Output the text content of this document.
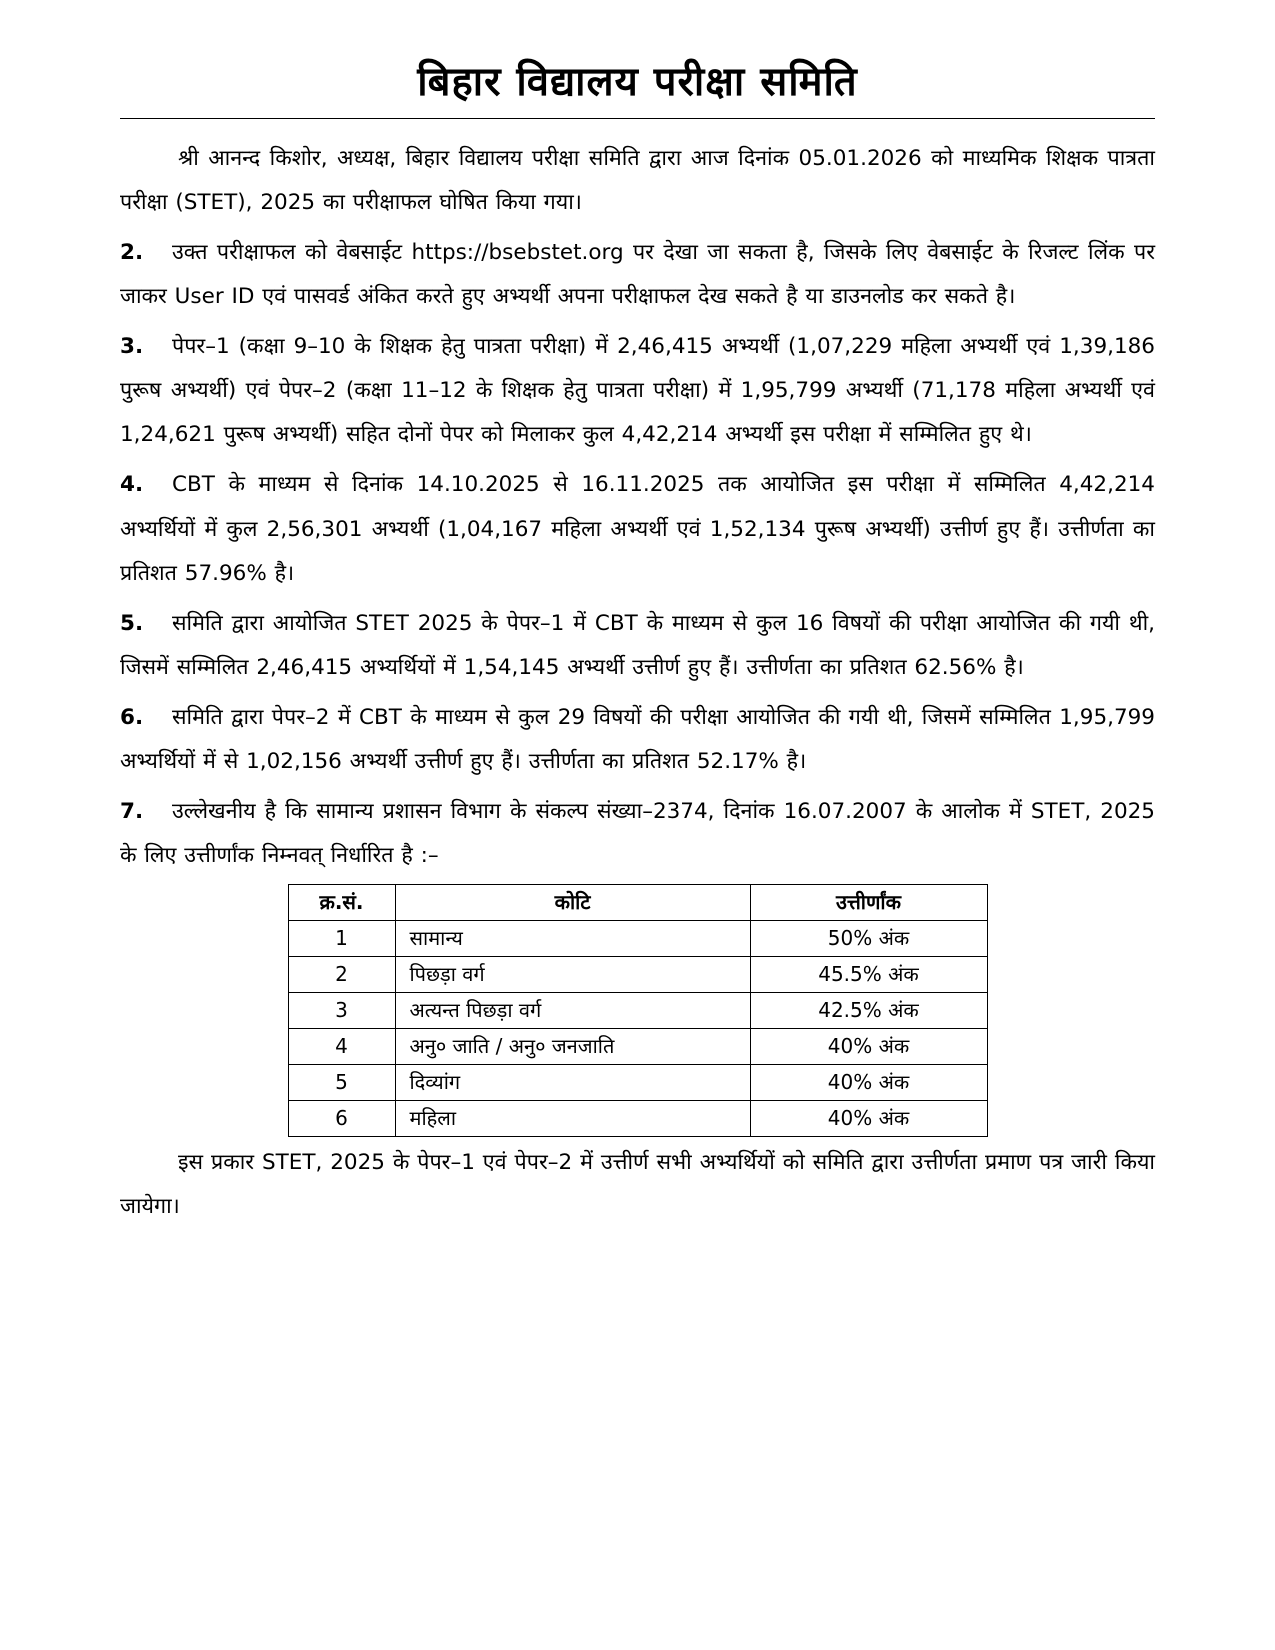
बिहार विद्यालय परीक्षा समिति

श्री आनन्द किशोर, अध्यक्ष, बिहार विद्यालय परीक्षा समिति द्वारा आज दिनांक 05.01.2026 को माध्यमिक शिक्षक पात्रता परीक्षा (STET), 2025 का परीक्षाफल घोषित किया गया।

2. उक्त परीक्षाफल को वेबसाईट https://bsebstet.org पर देखा जा सकता है, जिसके लिए वेबसाईट के रिजल्ट लिंक पर जाकर User ID एवं पासवर्ड अंकित करते हुए अभ्यर्थी अपना परीक्षाफल देख सकते है या डाउनलोड कर सकते है।

3. पेपर–1 (कक्षा 9–10 के शिक्षक हेतु पात्रता परीक्षा) में 2,46,415 अभ्यर्थी (1,07,229 महिला अभ्यर्थी एवं 1,39,186 पुरूष अभ्यर्थी) एवं पेपर–2 (कक्षा 11–12 के शिक्षक हेतु पात्रता परीक्षा) में 1,95,799 अभ्यर्थी (71,178 महिला अभ्यर्थी एवं 1,24,621 पुरूष अभ्यर्थी) सहित दोनों पेपर को मिलाकर कुल 4,42,214 अभ्यर्थी इस परीक्षा में सम्मिलित हुए थे।

4. CBT के माध्यम से दिनांक 14.10.2025 से 16.11.2025 तक आयोजित इस परीक्षा में सम्मिलित 4,42,214 अभ्यर्थियों में कुल 2,56,301 अभ्यर्थी (1,04,167 महिला अभ्यर्थी एवं 1,52,134 पुरूष अभ्यर्थी) उत्तीर्ण हुए हैं। उत्तीर्णता का प्रतिशत 57.96% है।

5. समिति द्वारा आयोजित STET 2025 के पेपर–1 में CBT के माध्यम से कुल 16 विषयों की परीक्षा आयोजित की गयी थी, जिसमें सम्मिलित 2,46,415 अभ्यर्थियों में 1,54,145 अभ्यर्थी उत्तीर्ण हुए हैं। उत्तीर्णता का प्रतिशत 62.56% है।

6. समिति द्वारा पेपर–2 में CBT के माध्यम से कुल 29 विषयों की परीक्षा आयोजित की गयी थी, जिसमें सम्मिलित 1,95,799 अभ्यर्थियों में से 1,02,156 अभ्यर्थी उत्तीर्ण हुए हैं। उत्तीर्णता का प्रतिशत 52.17% है।

7. उल्लेखनीय है कि सामान्य प्रशासन विभाग के संकल्प संख्या–2374, दिनांक 16.07.2007 के आलोक में STET, 2025 के लिए उत्तीर्णांक निम्नवत् निर्धारित है :–

क्र.सं.	कोटि	उत्तीर्णांक
1	सामान्य	50% अंक
2	पिछड़ा वर्ग	45.5% अंक
3	अत्यन्त पिछड़ा वर्ग	42.5% अंक
4	अनु० जाति / अनु० जनजाति	40% अंक
5	दिव्यांग	40% अंक
6	महिला	40% अंक

इस प्रकार STET, 2025 के पेपर–1 एवं पेपर–2 में उत्तीर्ण सभी अभ्यर्थियों को समिति द्वारा उत्तीर्णता प्रमाण पत्र जारी किया जायेगा।
